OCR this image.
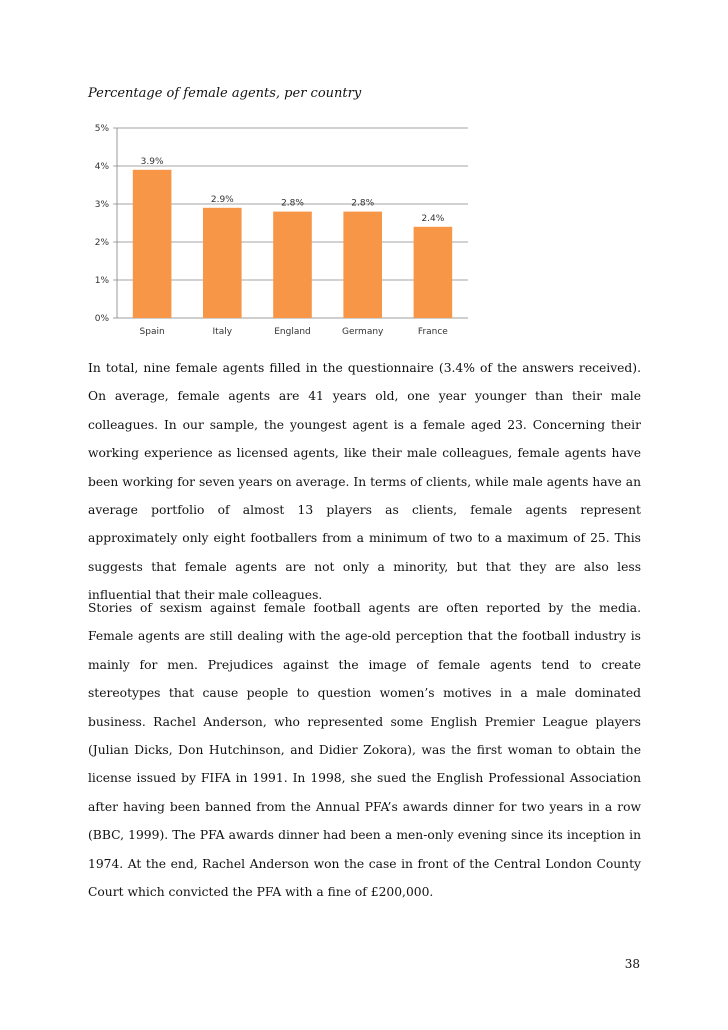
Percentage of female agents, per country
0%
1%
2%
3%
4%
5%
3.9%
Spain
2.9%
Italy
2.8%
England
2.8%
Germany
2.4%
France

In total, nine female agents filled in the questionnaire (3.4% of the answers received). On average, female agents are 41 years old, one year younger than their male colleagues. In our sample, the youngest agent is a female aged 23. Concerning their working experience as licensed agents, like their male colleagues, female agents have been working for seven years on average. In terms of clients, while male agents have an average portfolio of almost 13 players as clients, female agents represent approximately only eight footballers from a minimum of two to a maximum of 25. This suggests that female agents are not only a minority, but that they are also less influential that their male colleagues.

Stories of sexism against female football agents are often reported by the media. Female agents are still dealing with the age-old perception that the football industry is mainly for men. Prejudices against the image of female agents tend to create stereotypes that cause people to question women’s motives in a male dominated business. Rachel Anderson, who represented some English Premier League players (Julian Dicks, Don Hutchinson, and Didier Zokora), was the first woman to obtain the license issued by FIFA in 1991. In 1998, she sued the English Professional Association after having been banned from the Annual PFA’s awards dinner for two years in a row (BBC, 1999). The PFA awards dinner had been a men-only evening since its inception in 1974. At the end, Rachel Anderson won the case in front of the Central London County Court which convicted the PFA with a fine of £200,000.

38
